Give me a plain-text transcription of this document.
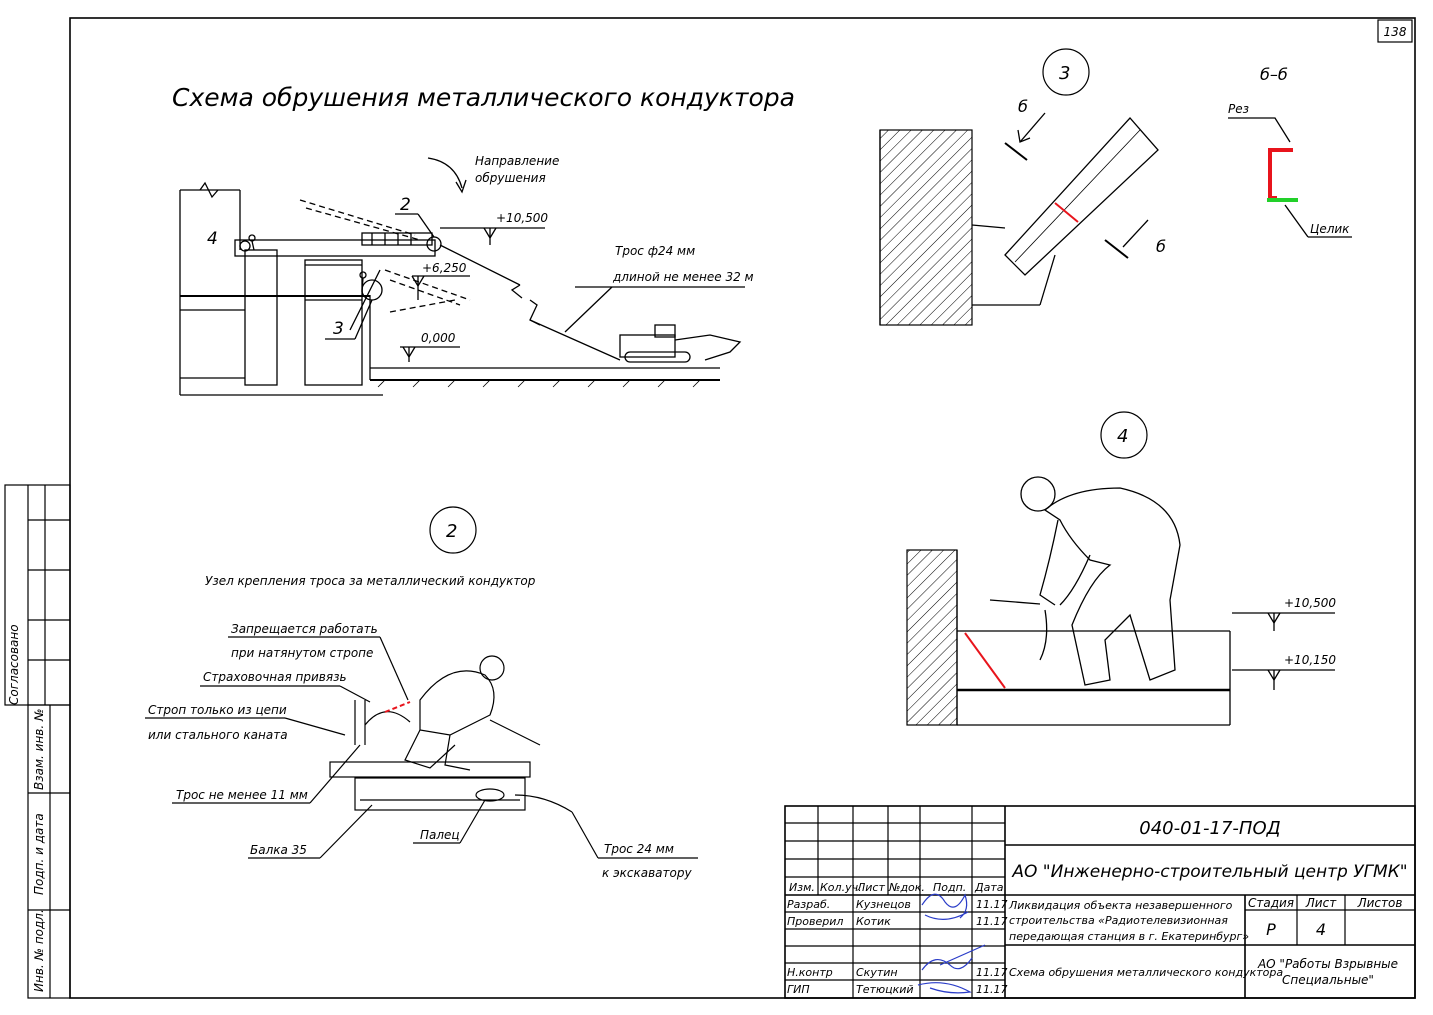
138
Схема обрушения металлического кондуктора
Направление
обрушения
+10,500
+6,250
0,000
Трос ф24 мм
длиной не менее 32 м
2
3
4
3	б–б
б
б
Рез
Целик
2
Узел крепления троса за металлический кондуктор
Запрещается работать
при натянутом стропе
Страховочная привязь
Строп только из цепи
или стального каната
Трос не менее 11 мм
Балка 35
Палец
Трос 24 мм
к экскаватору
4
+10,500
+10,150
Согласовано
Взам. инв. №
Подп. и дата
Инв. № подл.
040-01-17-ПОД
АО "Инженерно-строительный центр УГМК"
Изм. Кол.уч.
Лист №док. Подп. Дата
Разраб. Кузнецов	11.17
Проверил Котик	11.17
Н.контр Скутин	11.17
ГИП	Тетюцкий	11.17
Ликвидация объекта незавершенного
строительства «Радиотелевизионная
передающая станция в г. Екатеринбург»
Стадия Лист Листов
Р	4
Схема обрушения металлического кондуктора
АО "Работы Взрывные
Специальные"
